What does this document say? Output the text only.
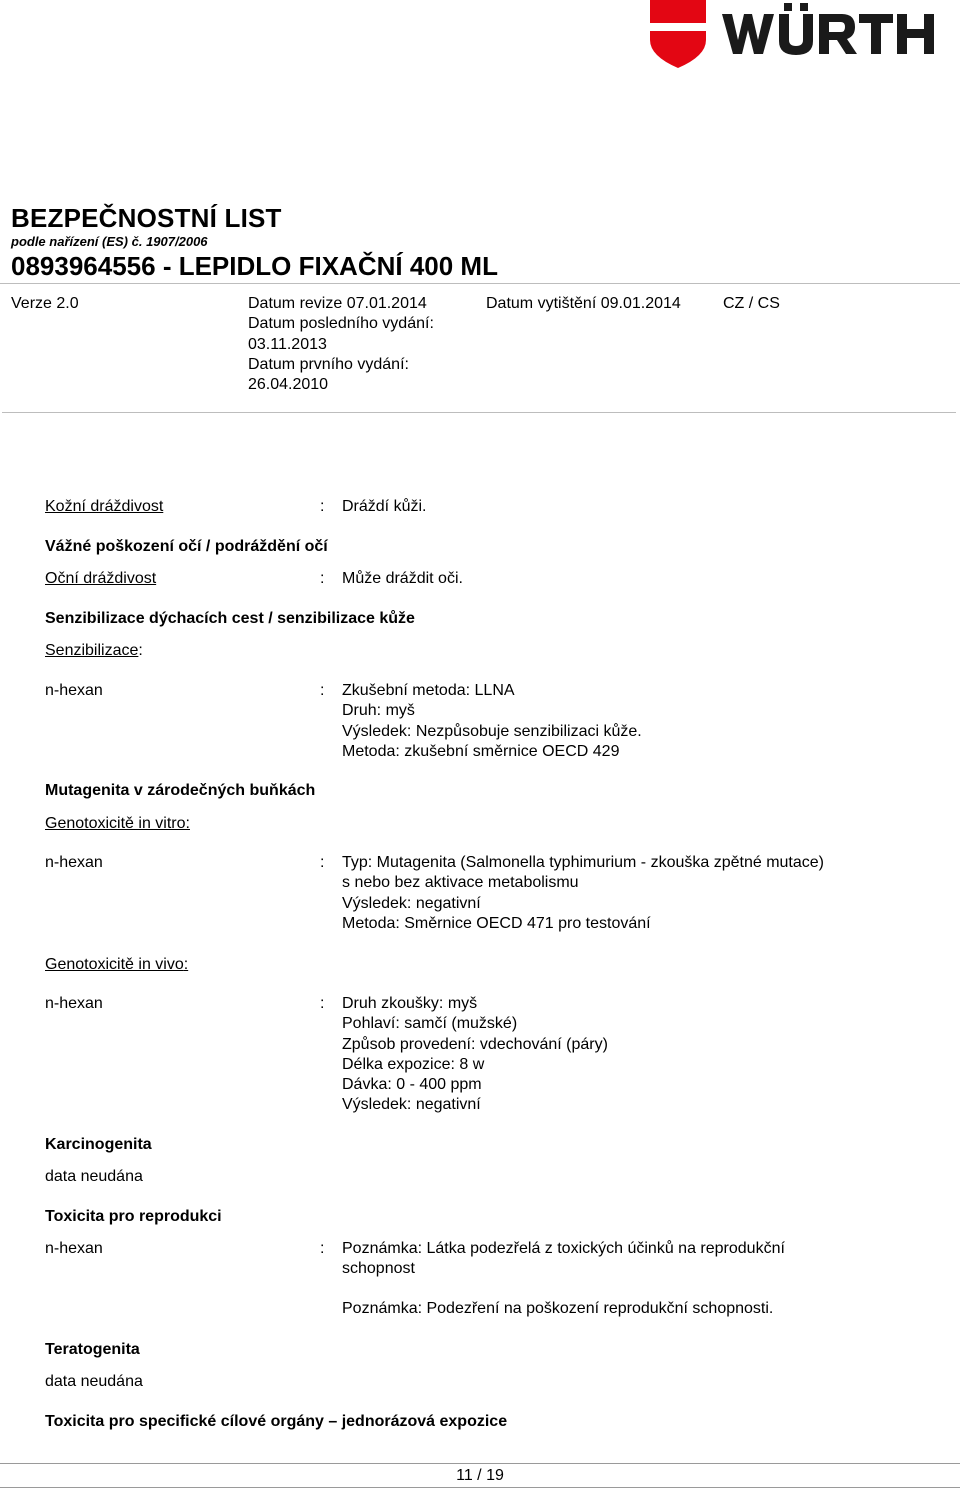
BEZPEČNOSTNÍ LIST
podle nařízení (ES) č. 1907/2006
0893964556 - LEPIDLO FIXAČNÍ 400 ML
Verze 2.0	Datum revize 07.01.2014
Datum posledního vydání:
03.11.2013
Datum prvního vydání:
26.04.2010
Datum vytištění 09.01.2014	CZ / CS
Kožní dráždivost	: Dráždí kůži.
Vážné poškození očí / podráždění očí
Oční dráždivost	: Může dráždit oči.
Senzibilizace dýchacích cest / senzibilizace kůže
Senzibilizace:
n-hexan	: Zkušební metoda: LLNA
Druh: myš
Výsledek: Nezpůsobuje senzibilizaci kůže.
Metoda: zkušební směrnice OECD 429
Mutagenita v zárodečných buňkách
Genotoxicitě in vitro:
n-hexan	: Typ: Mutagenita (Salmonella typhimurium - zkouška zpětné mutace)
s nebo bez aktivace metabolismu
Výsledek: negativní
Metoda: Směrnice OECD 471 pro testování
Genotoxicitě in vivo:
n-hexan	: Druh zkoušky: myš
Pohlaví: samčí (mužské)
Způsob provedení: vdechování (páry)
Délka expozice: 8 w
Dávka: 0 - 400 ppm
Výsledek: negativní
Karcinogenita
data neudána
Toxicita pro reprodukci
n-hexan	: Poznámka: Látka podezřelá z toxických účinků na reprodukční
schopnost
Poznámka: Podezření na poškození reprodukční schopnosti.
Teratogenita
data neudána
Toxicita pro specifické cílové orgány – jednorázová expozice
11 / 19
